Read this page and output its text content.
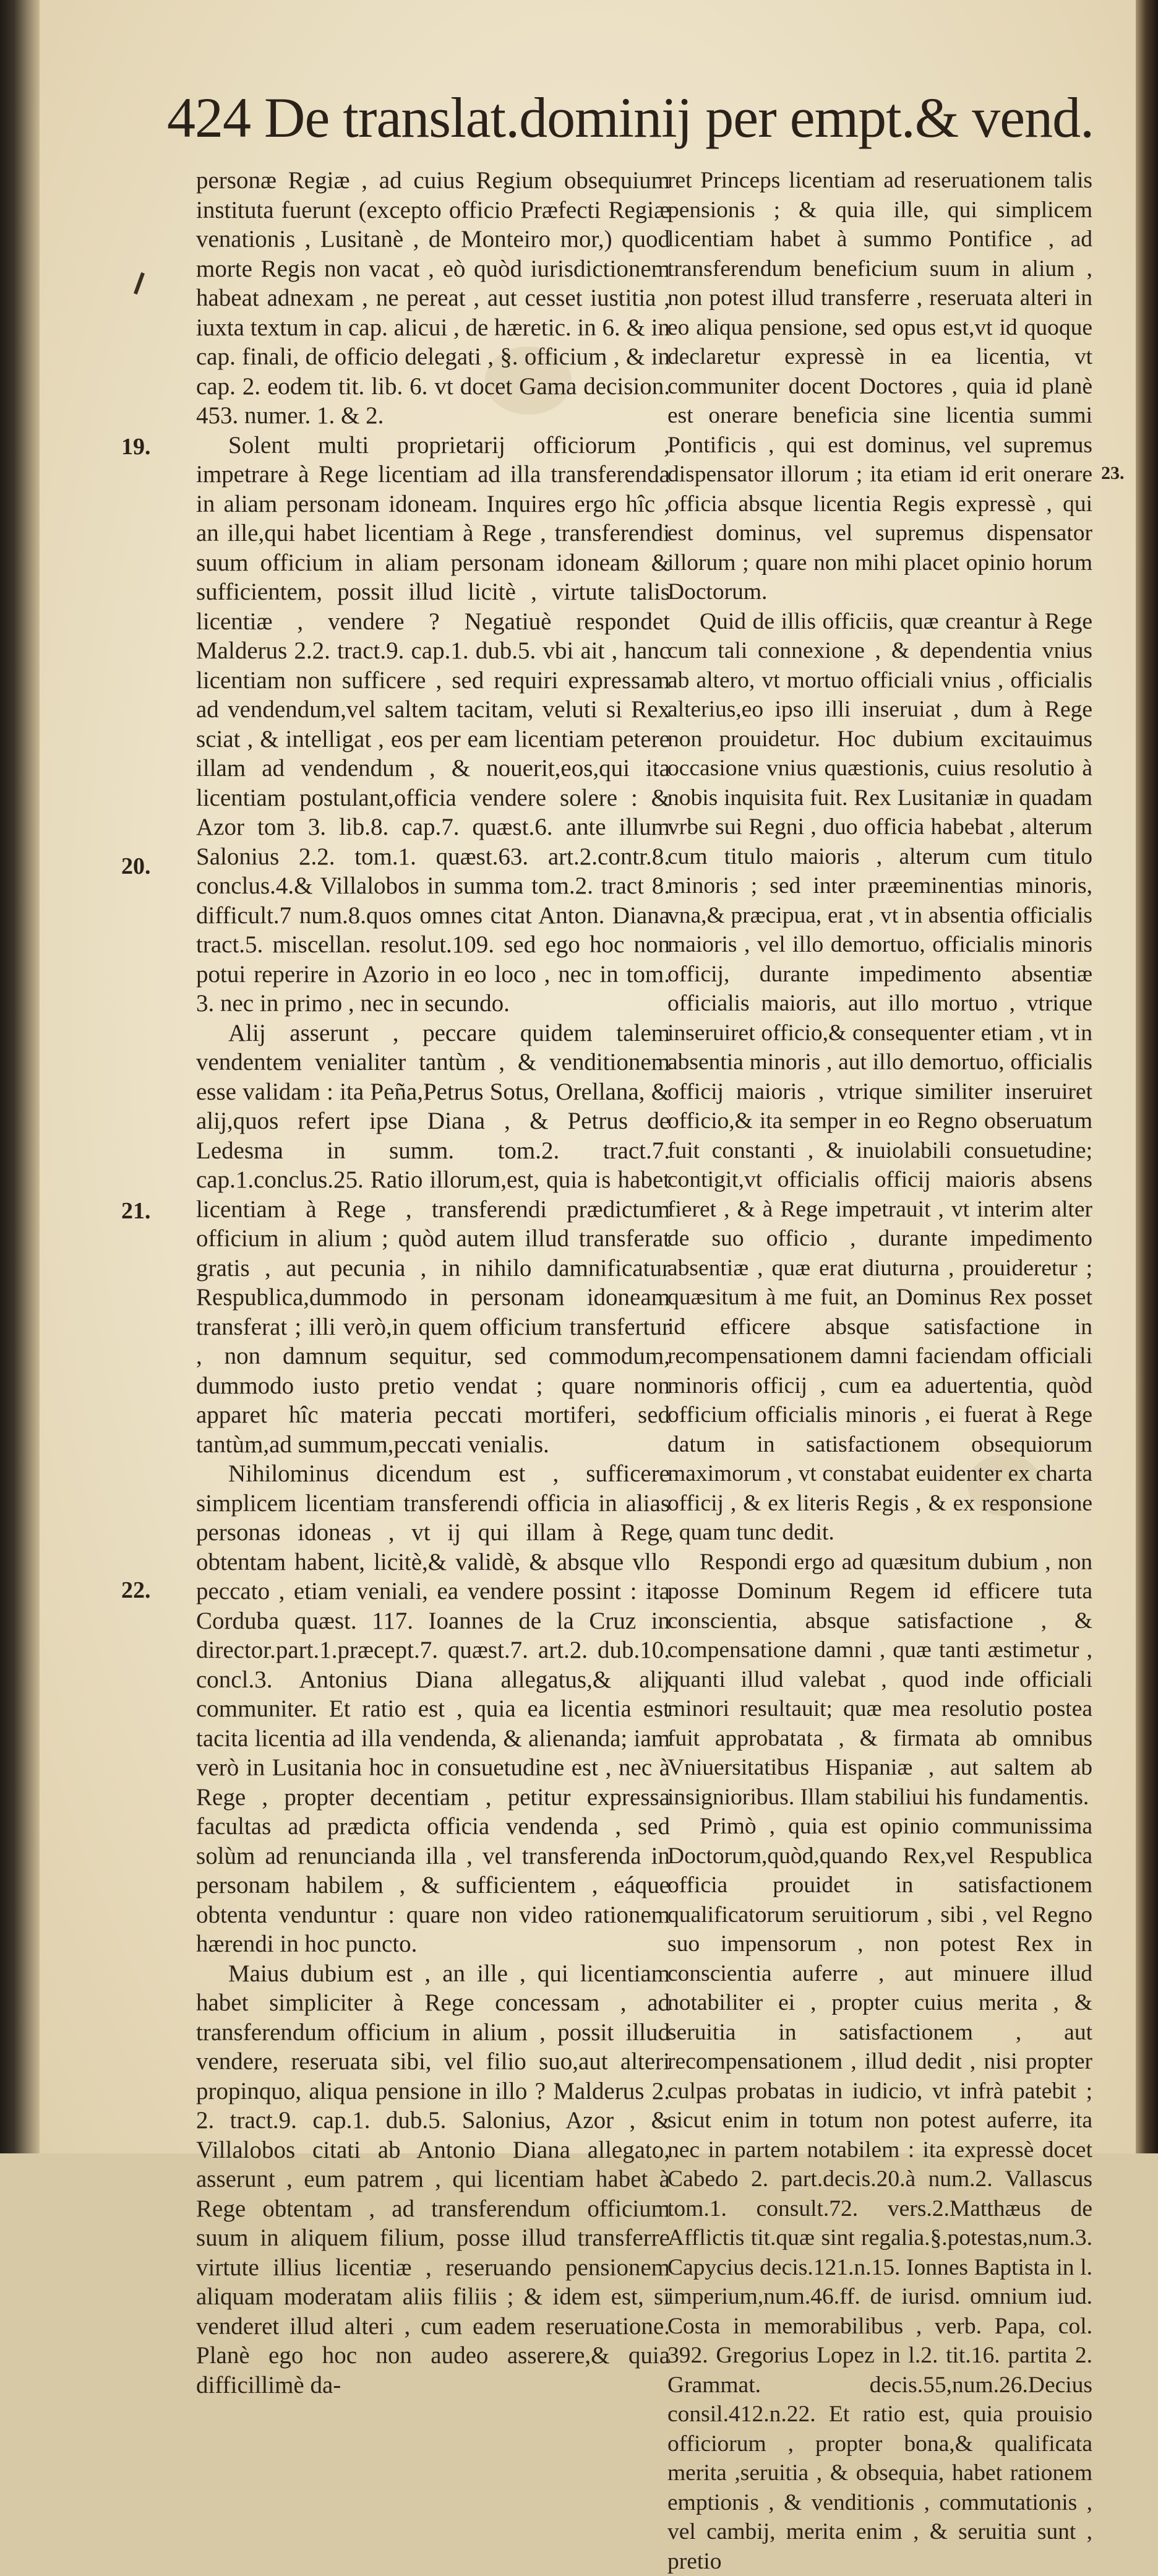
424 De translat.dominij per empt.& vend.
19.
20.
21.
22.
23.

personæ Regiæ , ad cuius Regium obsequium instituta fuerunt (excepto officio Præfecti Regiæ venationis , Lusitanè , de Monteiro mor,) quod morte Regis non vacat , eò quòd iurisdictionem habeat adnexam , ne pereat , aut cesset iustitia , iuxta textum in cap. alicui , de hæretic. in 6. & in cap. finali, de officio delegati , §. officium , & in cap. 2. eodem tit. lib. 6. vt docet Gama decision. 453. numer. 1. & 2.

Solent multi proprietarij officiorum , impetrare à Rege licentiam ad illa transferenda in aliam personam idoneam. Inquires ergo hîc , an ille,qui habet licentiam à Rege , transferendi suum officium in aliam personam idoneam & sufficientem, possit illud licitè , virtute talis licentiæ , vendere ? Negatiuè respondet Malderus 2.2. tract.9. cap.1. dub.5. vbi ait , hanc licentiam non sufficere , sed requiri expressam ad vendendum,vel saltem tacitam, veluti si Rex sciat , & intelligat , eos per eam licentiam petere illam ad vendendum , & nouerit,eos,qui ita licentiam postulant,officia vendere solere : & Azor tom 3. lib.8. cap.7. quæst.6. ante illum Salonius 2.2. tom.1. quæst.63. art.2.contr.8. conclus.4.& Villalobos in summa tom.2. tract 8. difficult.7 num.8.quos omnes citat Anton. Diana tract.5. miscellan. resolut.109. sed ego hoc non potui reperire in Azorio in eo loco , nec in tom. 3. nec in primo , nec in secundo.

Alij asserunt , peccare quidem talem vendentem venialiter tantùm , & venditionem esse validam : ita Peña,Petrus Sotus, Orellana, & alij,quos refert ipse Diana , & Petrus de Ledesma in summ. tom.2. tract.7. cap.1.conclus.25. Ratio illorum,est, quia is habet licentiam à Rege , transferendi prædictum officium in alium ; quòd autem illud transferat gratis , aut pecunia , in nihilo damnificatur Respublica,dummodo in personam idoneam transferat ; illi verò,in quem officium transfertur , non damnum sequitur, sed commodum, dummodo iusto pretio vendat ; quare non apparet hîc materia peccati mortiferi, sed tantùm,ad summum,peccati venialis.

Nihilominus dicendum est , sufficere simplicem licentiam transferendi officia in alias personas idoneas , vt ij qui illam à Rege obtentam habent, licitè,& validè, & absque vllo peccato , etiam veniali, ea vendere possint : ita Corduba quæst. 117. Ioannes de la Cruz in director.part.1.præcept.7. quæst.7. art.2. dub.10. concl.3. Antonius Diana allegatus,& alij communiter. Et ratio est , quia ea licentia est tacita licentia ad illa vendenda, & alienanda; iam verò in Lusitania hoc in consuetudine est , nec à Rege , propter decentiam , petitur expressa facultas ad prædicta officia vendenda , sed solùm ad renuncianda illa , vel transferenda in personam habilem , & sufficientem , eáque obtenta venduntur : quare non video rationem hærendi in hoc puncto.

Maius dubium est , an ille , qui licentiam habet simpliciter à Rege concessam , ad transferendum officium in alium , possit illud vendere, reseruata sibi, vel filio suo,aut alteri propinquo, aliqua pensione in illo ? Malderus 2. 2. tract.9. cap.1. dub.5. Salonius, Azor , & Villalobos citati ab Antonio Diana allegato, asserunt , eum patrem , qui licentiam habet à Rege obtentam , ad transferendum officium suum in aliquem filium, posse illud transferre virtute illius licentiæ , reseruando pensionem aliquam moderatam aliis filiis ; & idem est, si venderet illud alteri , cum eadem reseruatione. Planè ego hoc non audeo asserere,& quia difficillimè da-

ret Princeps licentiam ad reseruationem talis pensionis ; & quia ille, qui simplicem licentiam habet à summo Pontifice , ad transferendum beneficium suum in alium , non potest illud transferre , reseruata alteri in eo aliqua pensione, sed opus est,vt id quoque declaretur expressè in ea licentia, vt communiter docent Doctores , quia id planè est onerare beneficia sine licentia summi Pontificis , qui est dominus, vel supremus dispensator illorum ; ita etiam id erit onerare officia absque licentia Regis expressè , qui est dominus, vel supremus dispensator illorum ; quare non mihi placet opinio horum Doctorum.

Quid de illis officiis, quæ creantur à Rege cum tali connexione , & dependentia vnius ab altero, vt mortuo officiali vnius , officialis alterius,eo ipso illi inseruiat , dum à Rege non prouidetur. Hoc dubium excitauimus occasione vnius quæstionis, cuius resolutio à nobis inquisita fuit. Rex Lusitaniæ in quadam vrbe sui Regni , duo officia habebat , alterum cum titulo maioris , alterum cum titulo minoris ; sed inter præeminentias minoris, vna,& præcipua, erat , vt in absentia officialis maioris , vel illo demortuo, officialis minoris officij, durante impedimento absentiæ officialis maioris, aut illo mortuo , vtrique inseruiret officio,& consequenter etiam , vt in absentia minoris , aut illo demortuo, officialis officij maioris , vtrique similiter inseruiret officio,& ita semper in eo Regno obseruatum fuit constanti , & inuiolabili consuetudine; contigit,vt officialis officij maioris absens fieret , & à Rege impetrauit , vt interim alter de suo officio , durante impedimento absentiæ , quæ erat diuturna , prouideretur ; quæsitum à me fuit, an Dominus Rex posset id efficere absque satisfactione in recompensationem damni faciendam officiali minoris officij , cum ea aduertentia, quòd officium officialis minoris , ei fuerat à Rege datum in satisfactionem obsequiorum maximorum , vt constabat euidenter ex charta officij , & ex literis Regis , & ex responsione , quam tunc dedit.

Respondi ergo ad quæsitum dubium , non posse Dominum Regem id efficere tuta conscientia, absque satisfactione , & compensatione damni , quæ tanti æstimetur , quanti illud valebat , quod inde officiali minori resultauit; quæ mea resolutio postea fuit approbatata , & firmata ab omnibus Vniuersitatibus Hispaniæ , aut saltem ab insignioribus. Illam stabiliui his fundamentis.

Primò , quia est opinio communissima Doctorum,quòd,quando Rex,vel Respublica officia prouidet in satisfactionem qualificatorum seruitiorum , sibi , vel Regno suo impensorum , non potest Rex in conscientia auferre , aut minuere illud notabiliter ei , propter cuius merita , & seruitia in satisfactionem , aut recompensationem , illud dedit , nisi propter culpas probatas in iudicio, vt infrà patebit ; sicut enim in totum non potest auferre, ita nec in partem notabilem : ita expressè docet Cabedo 2. part.decis.20.à num.2. Vallascus tom.1. consult.72. vers.2.Matthæus de Afflictis tit.quæ sint regalia.§.potestas,num.3. Capycius decis.121.n.15. Ionnes Baptista in l. imperium,num.46.ff. de iurisd. omnium iud. Costa in memorabilibus , verb. Papa, col. 392. Gregorius Lopez in l.2. tit.16. partita 2. Grammat. decis.55,num.26.Decius consil.412.n.22. Et ratio est, quia prouisio officiorum , propter bona,& qualificata merita ,seruitia , & obsequia, habet rationem emptionis , & venditionis , commutationis , vel cambij, merita enim , & seruitia sunt , pretio
